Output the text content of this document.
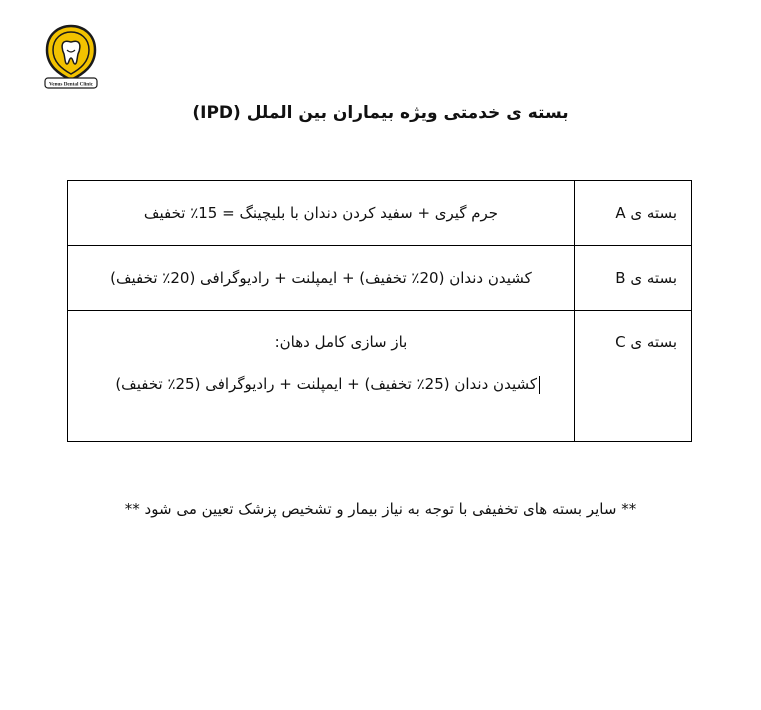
Venus Dental Clinic
بسته ی خدمتی ویژه بیماران بین الملل (IPD)
جرم گیری + سفید کردن دندان با بلیچینگ = 15٪ تخفیف	بسته ی A
کشیدن دندان (20٪ تخفیف) + ایمپلنت + رادیوگرافی (20٪ تخفیف)	بسته ی B

باز سازی کامل دهان:
کشیدن دندان (25٪ تخفیف) + ایمپلنت + رادیوگرافی (25٪ تخفیف)	بسته ی C
** سایر بسته های تخفیفی با توجه به نیاز بیمار و تشخیص پزشک تعیین می شود **
